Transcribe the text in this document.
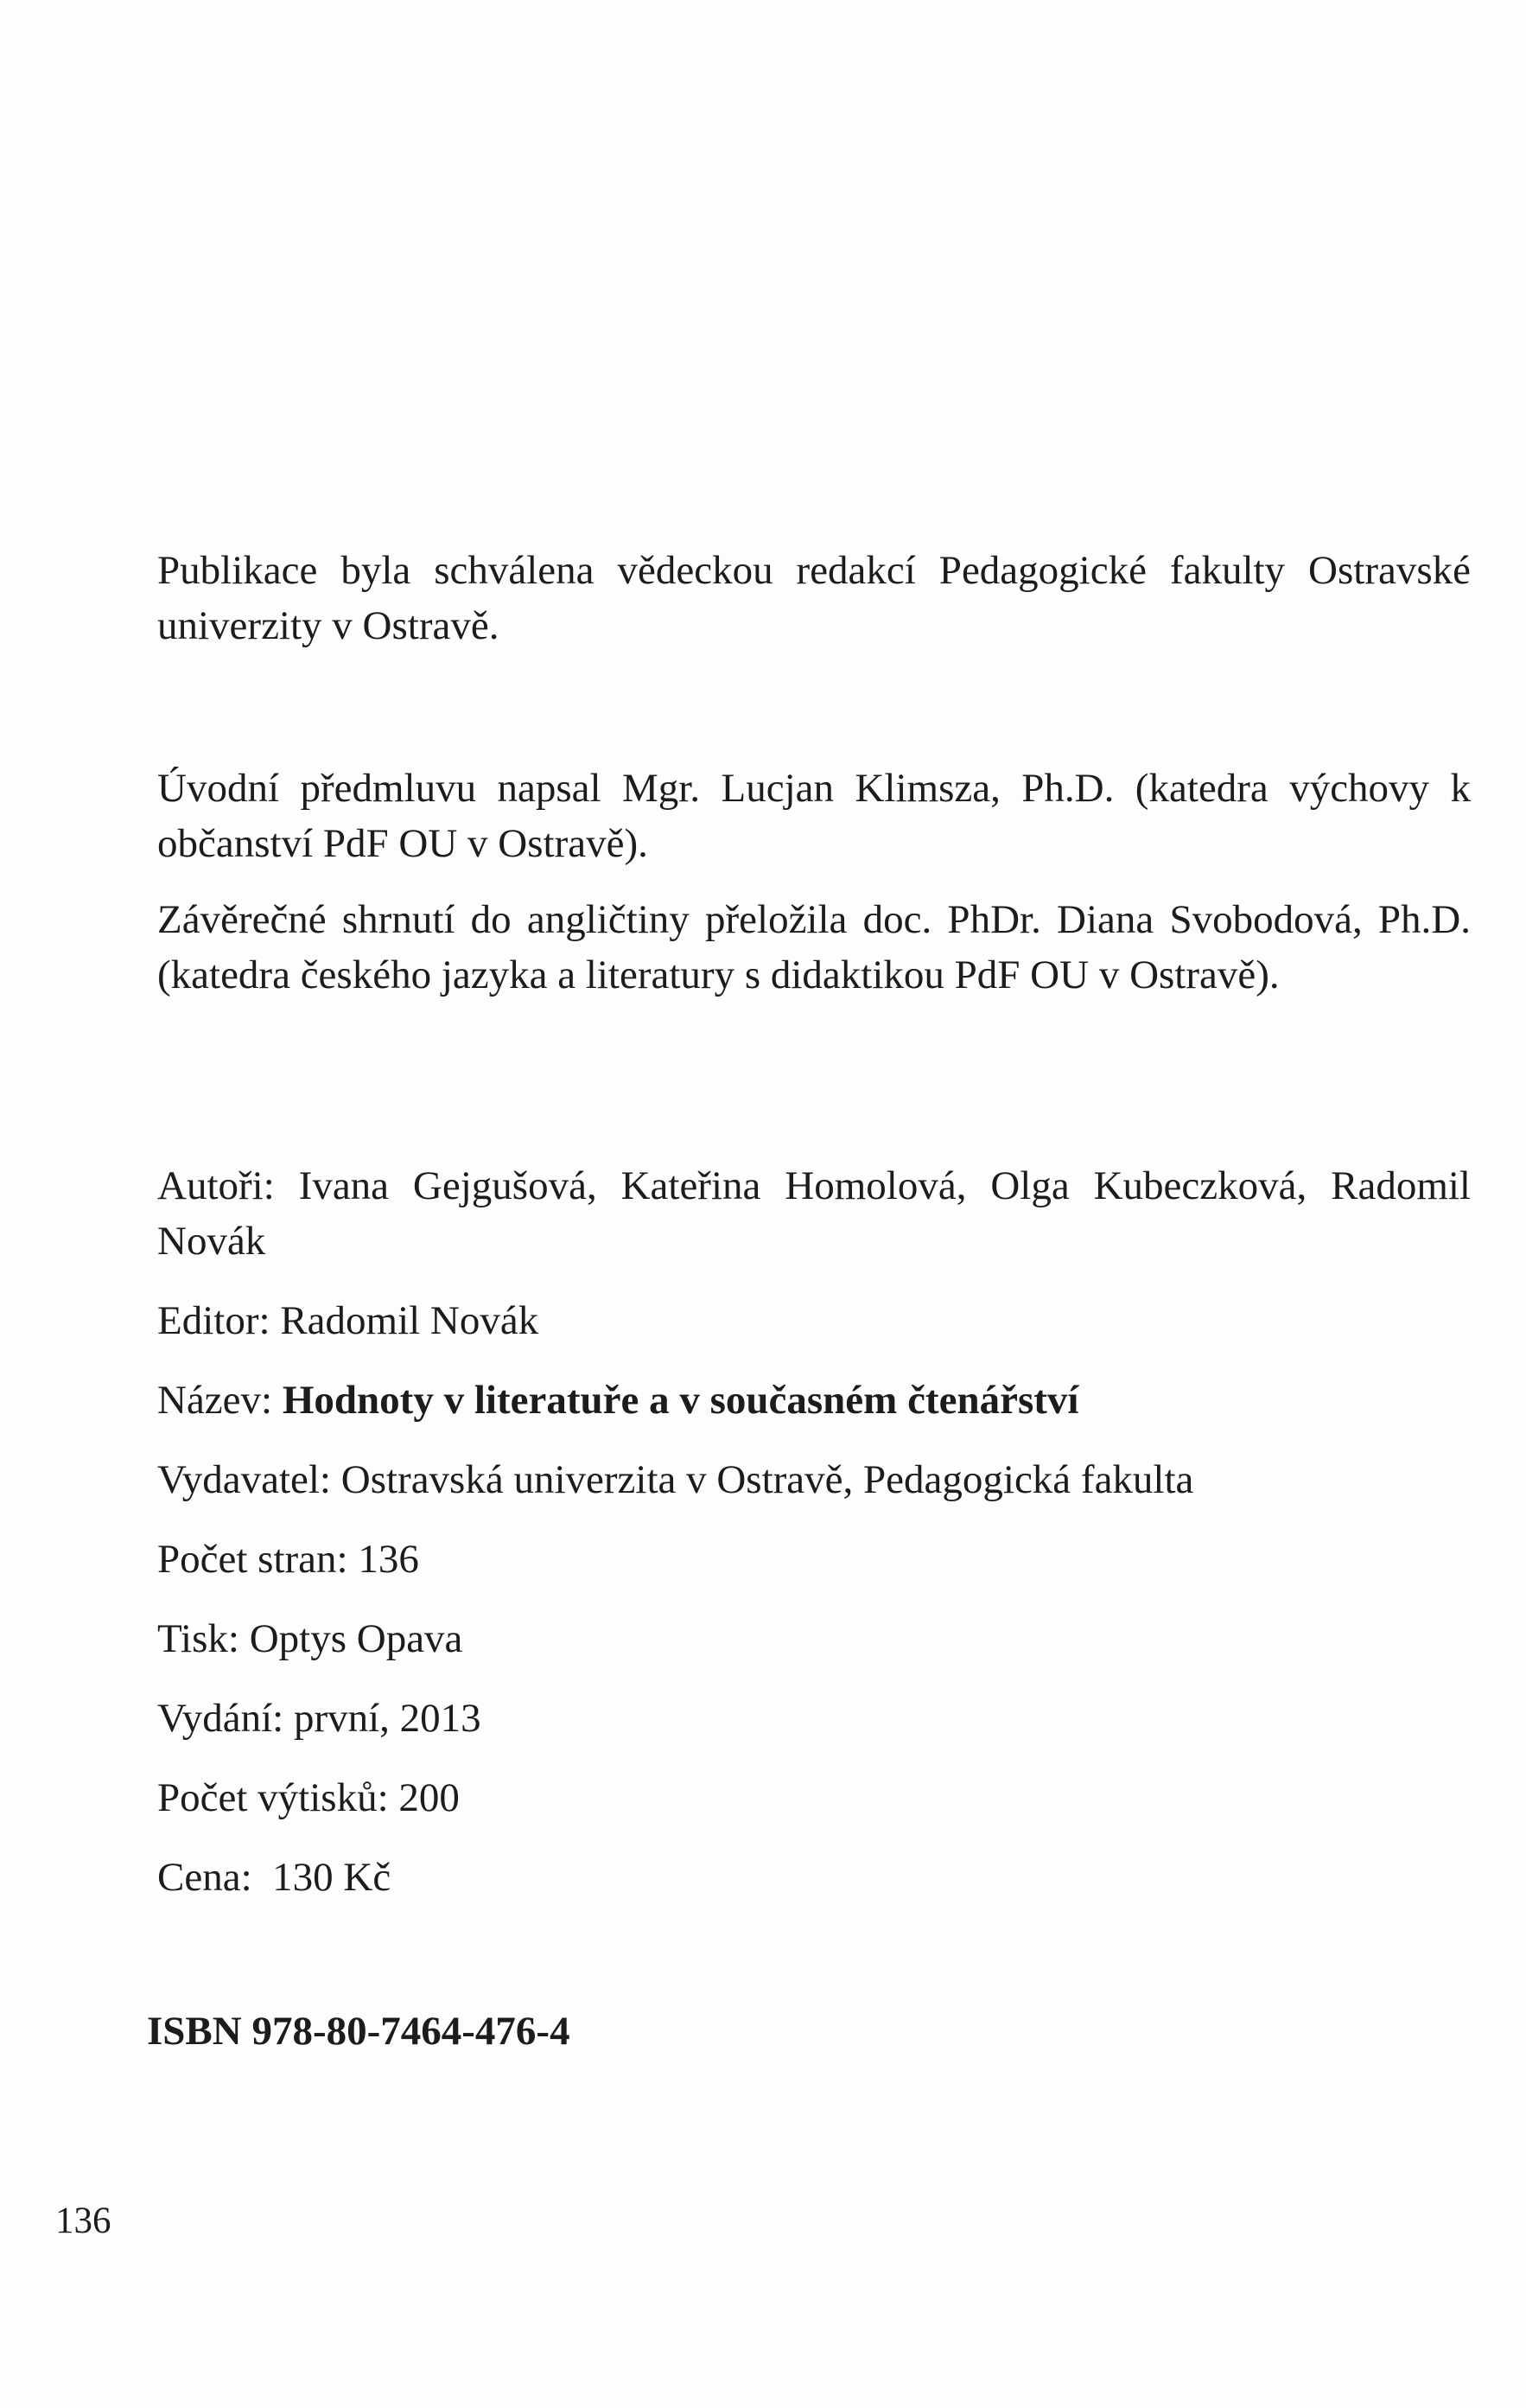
Publikace byla schválena vědeckou redakcí Pedagogické fakulty Ostravské univerzity v Ostravě.

Úvodní předmluvu napsal Mgr. Lucjan Klimsza, Ph.D. (katedra výchovy k občanství PdF OU v Ostravě).

Závěrečné shrnutí do angličtiny přeložila doc. PhDr. Diana Svobodová, Ph.D. (katedra českého jazyka a literatury s didaktikou PdF OU v Ostravě).

Autoři: Ivana Gejgušová, Kateřina Homolová, Olga Kubeczková, Radomil Novák

Editor: Radomil Novák

Název: Hodnoty v literatuře a v současném čtenářství

Vydavatel: Ostravská univerzita v Ostravě, Pedagogická fakulta

Počet stran: 136

Tisk: Optys Opava

Vydání: první, 2013

Počet výtisků: 200

Cena: 130 Kč

ISBN 978-80-7464-476-4

136
